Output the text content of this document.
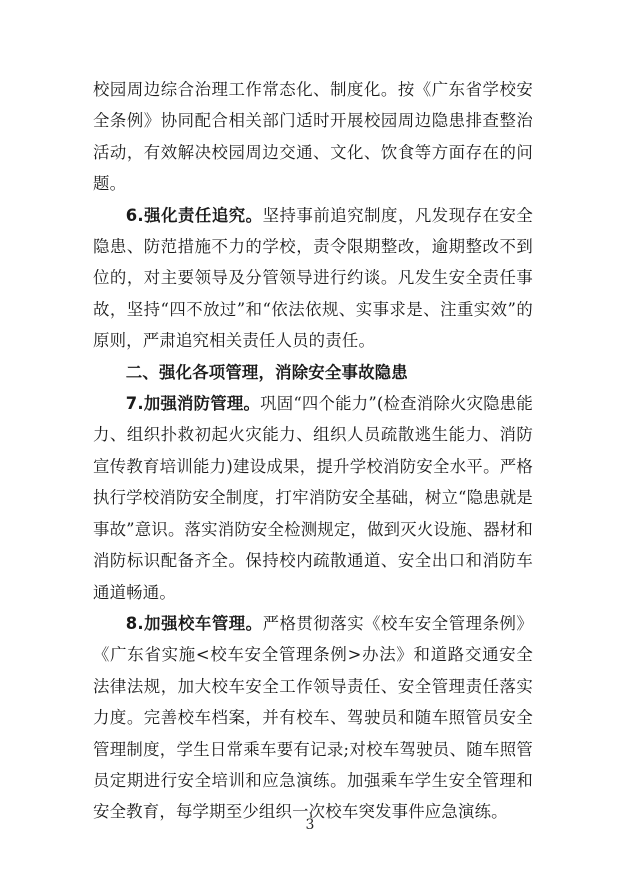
校园周边综合治理工作常态化、制度化。按《广东省学校安全条例》协同配合相关部门适时开展校园周边隐患排查整治活动，有效解决校园周边交通、文化、饮食等方面存在的问题。

6.强化责任追究。坚持事前追究制度，凡发现存在安全隐患、防范措施不力的学校，责令限期整改，逾期整改不到位的，对主要领导及分管领导进行约谈。凡发生安全责任事故，坚持“四不放过”和“依法依规、实事求是、注重实效”的原则，严肃追究相关责任人员的责任。

二、强化各项管理，消除安全事故隐患

7.加强消防管理。巩固“四个能力”(检查消除火灾隐患能力、组织扑救初起火灾能力、组织人员疏散逃生能力、消防宣传教育培训能力)建设成果，提升学校消防安全水平。严格执行学校消防安全制度，打牢消防安全基础，树立“隐患就是事故”意识。落实消防安全检测规定，做到灭火设施、器材和消防标识配备齐全。保持校内疏散通道、安全出口和消防车通道畅通。

8.加强校车管理。严格贯彻落实《校车安全管理条例》《广东省实施<校车安全管理条例>办法》和道路交通安全法律法规，加大校车安全工作领导责任、安全管理责任落实力度。完善校车档案，并有校车、驾驶员和随车照管员安全管理制度，学生日常乘车要有记录;对校车驾驶员、随车照管员定期进行安全培训和应急演练。加强乘车学生安全管理和安全教育，每学期至少组织一次校车突发事件应急演练。

3
